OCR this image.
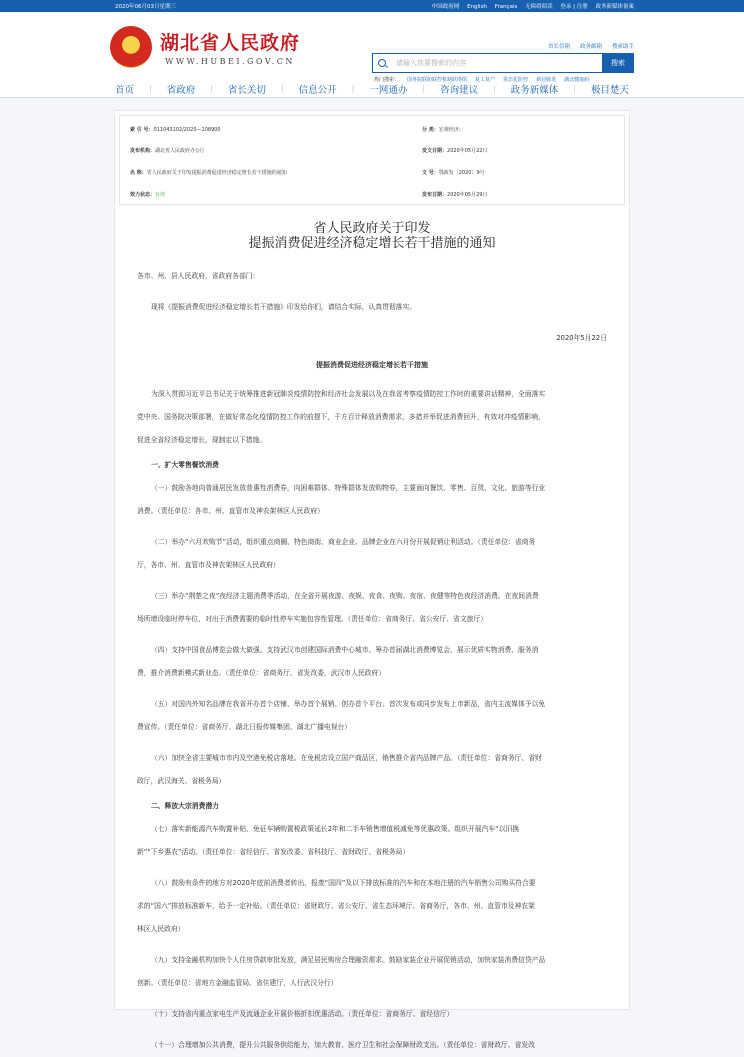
2020年06月03日星期三	中国政府网 English Français 无障碍阅读 登录 | 注册 政务新媒体备案
湖北省人民政府
WWW.HUBEI.GOV.CN
省长信箱 政务邮箱 搜索助手
请输入您要搜索的内容	搜索
热门搜索： 国务院联防联控机制联络组 复工复产 常态化防控 新冠肺炎 湖北健康码
首页	|	省政府	|	省长关切	|	信息公开	|	一网通办	|	咨询建议	|	政务新媒体	|	极目楚天
索 引 号：011043102/2020—108900	分 类：宏观经济；
发布机构：湖北省人民政府办公厅	发文日期：2020年05月22日
名 称：省人民政府关于印发提振消费促进经济稳定增长若干措施的通知	文 号：鄂政发〔2020〕9号
效力状态：有效	发布日期：2020年05月29日
省人民政府关于印发
提振消费促进经济稳定增长若干措施的通知

各市、州、县人民政府，省政府各部门：

现将《提振消费促进经济稳定增长若干措施》印发给你们，请结合实际，认真贯彻落实。

2020年5月22日

提振消费促进经济稳定增长若干措施

为深入贯彻习近平总书记关于统筹推进新冠肺炎疫情防控和经济社会发展以及在我省考察疫情防控工作时的重要讲话精神，全面落实

党中央、国务院决策部署，在做好常态化疫情防控工作的前提下，千方百计释放消费需求，多措并举促进消费回升，有效对冲疫情影响，

促进全省经济稳定增长，现制定以下措施。

一、扩大零售餐饮消费

（一）鼓励各地向普通居民发放普惠性消费券，向困难群体、特殊群体发放购物券，主要面向餐饮、零售、百货、文化、旅游等行业

消费。（责任单位：各市、州、直管市及神农架林区人民政府）

（二）举办“六月欢购节”活动，组织重点商圈、特色商街、商业企业、品牌企业在六月份开展促销让利活动。（责任单位：省商务

厅，各市、州、直管市及神农架林区人民政府）

（三）举办“荆楚之夜”夜经济主题消费季活动，在全省开展夜游、夜娱、夜食、夜购、夜宿、夜健等特色夜经济消费。在夜间消费

场所增设临时停车位，对出于消费需要的临时性停车实施包容性管理。（责任单位：省商务厅、省公安厅、省文旅厅）

（四）支持中国食品博览会做大做强。支持武汉市创建国际消费中心城市。筹办首届湖北消费博览会，展示优质实物消费、服务消

费，推介消费新模式新业态。（责任单位：省商务厅、省发改委，武汉市人民政府）

（五）对国内外知名品牌在我省开办首个店铺、举办首个展销、创办首个平台、首次发布或同步发布上市新品，省内主流媒体予以免

费宣传。（责任单位：省商务厅、湖北日报传媒集团、湖北广播电视台）

（六）加快全省主要城市市内及空港免税店落地。在免税店设立国产商品区，销售推介省内品牌产品。（责任单位：省商务厅、省财

政厅，武汉海关、省税务局）

二、释放大宗消费潜力

（七）落实新能源汽车购置补贴、免征车辆购置税政策延长2年和二手车销售增值税减免等优惠政策。组织开展汽车“以旧换

新”“下乡惠农”活动。（责任单位：省经信厅、省发改委、省科技厅、省财政厅、省税务局）

（八）鼓励有条件的地方对2020年底前消费者转出、报废“国四”及以下排放标准的汽车和在本地注册的汽车销售公司购买符合要

求的“国六”排放标准新车，给予一定补贴。（责任单位：省财政厅、省公安厅、省生态环境厅、省商务厅，各市、州、直管市及神农架

林区人民政府）

（九）支持金融机构加快个人住房贷款审批发放，满足居民购房合理融资需求。鼓励家装企业开展促销活动，加快家装消费信贷产品

创新。（责任单位：省地方金融监管局、省住建厅，人行武汉分行）

（十）支持省内重点家电生产及流通企业开展价格折扣优惠活动。（责任单位：省商务厅、省经信厅）

（十一）合理增加公共消费，提升公共服务供给能力，加大教育、医疗卫生和社会保障财政支出。（责任单位：省财政厅、省发改
